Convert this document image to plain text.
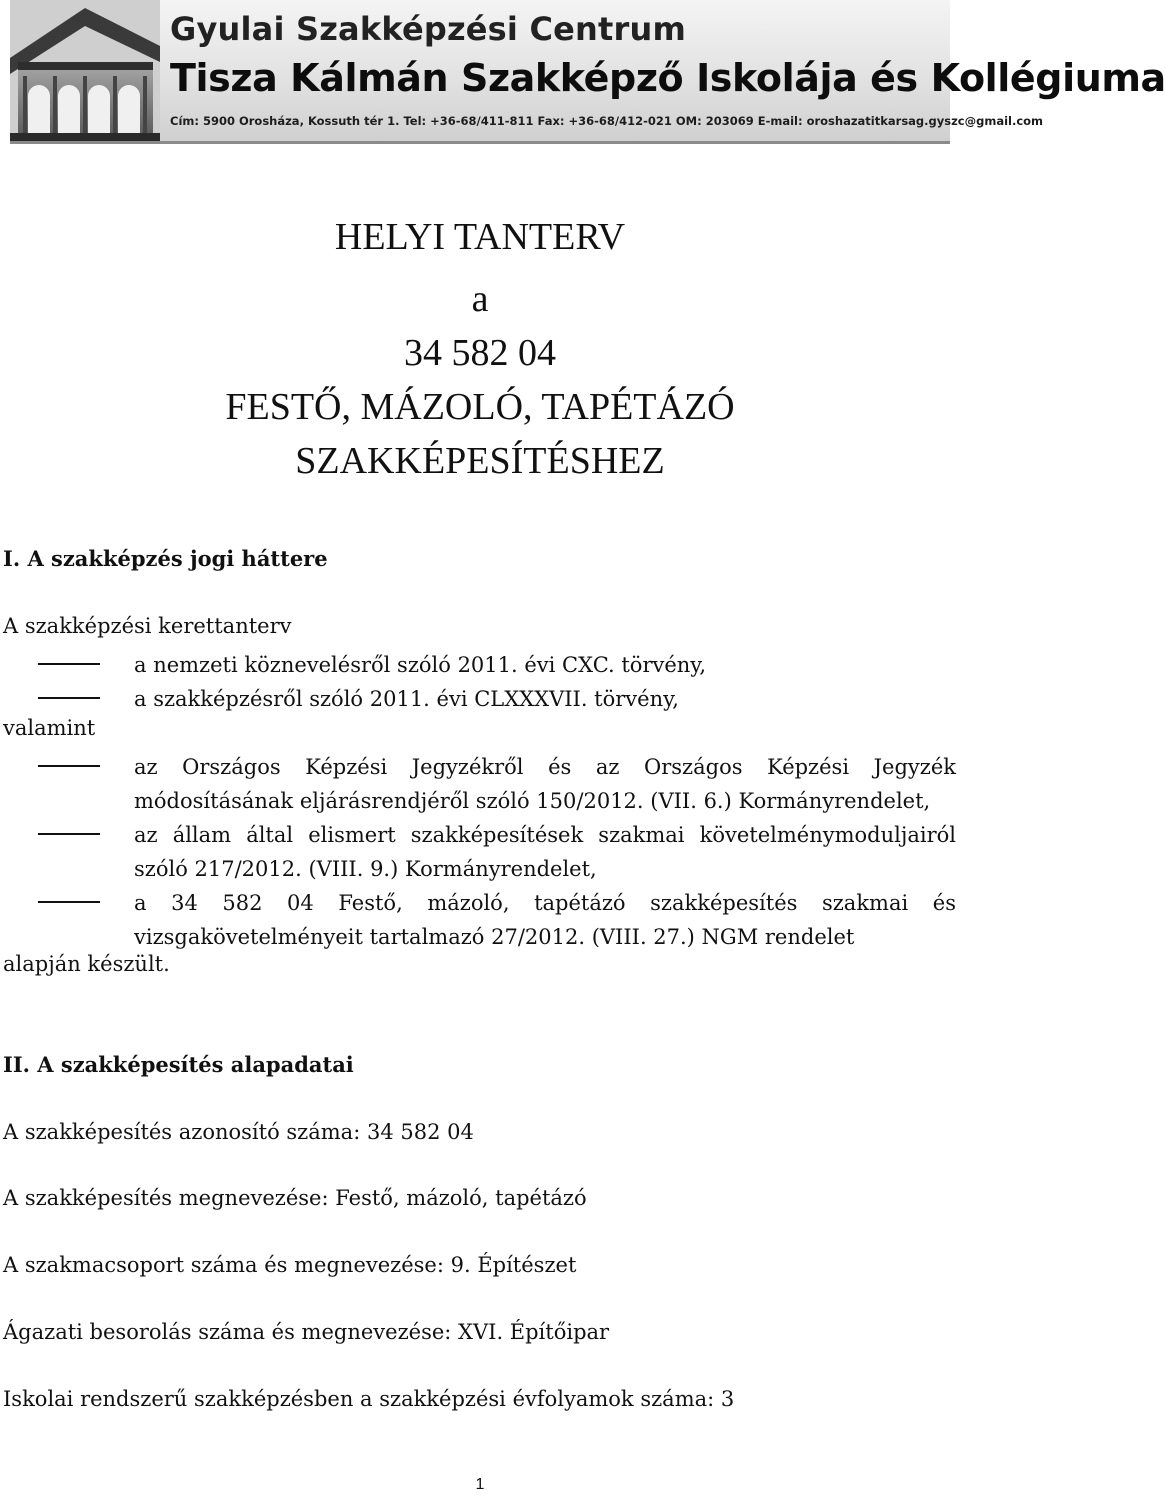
Gyulai Szakképzési Centrum
Tisza Kálmán Szakképző Iskolája és Kollégiuma
Cím: 5900 Orosháza, Kossuth tér 1. Tel: +36-68/411-811 Fax: +36-68/412-021 OM: 203069 E-mail: oroshazatitkarsag.gyszc@gmail.com
HELYI TANTERV
a
34 582 04
FESTŐ, MÁZOLÓ, TAPÉTÁZÓ
SZAKKÉPESÍTÉSHEZ
I. A szakképzés jogi háttere
A szakképzési kerettanterv
a nemzeti köznevelésről szóló 2011. évi CXC. törvény,
a szakképzésről szóló 2011. évi CLXXXVII. törvény,
valamint
az Országos Képzési Jegyzékről és az Országos Képzési Jegyzék módosításának eljárásrendjéről szóló 150/2012. (VII. 6.) Kormányrendelet,
az állam által elismert szakképesítések szakmai követelménymoduljairól szóló 217/2012. (VIII. 9.) Kormányrendelet,
a 34 582 04 Festő, mázoló, tapétázó szakképesítés szakmai és vizsgakövetelményeit tartalmazó 27/2012. (VIII. 27.) NGM rendelet
alapján készült.
II. A szakképesítés alapadatai
A szakképesítés azonosító száma: 34 582 04
A szakképesítés megnevezése: Festő, mázoló, tapétázó
A szakmacsoport száma és megnevezése: 9. Építészet
Ágazati besorolás száma és megnevezése: XVI. Építőipar
Iskolai rendszerű szakképzésben a szakképzési évfolyamok száma: 3
1
